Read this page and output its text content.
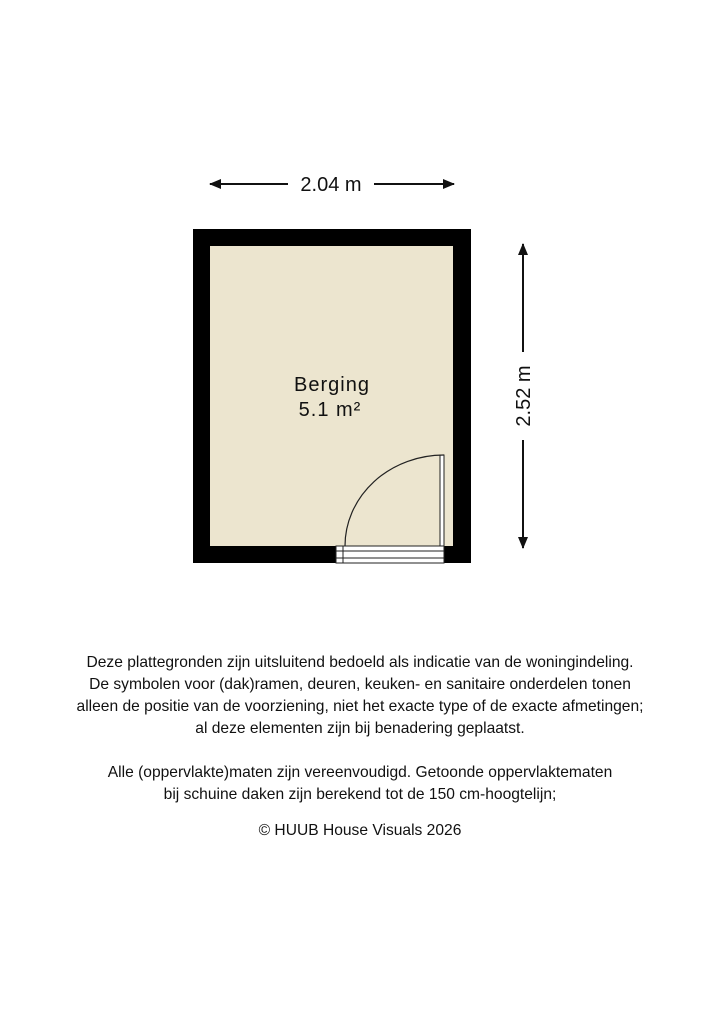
2.04 m
2.52 m
Berging
5.1 m²

Deze plattegronden zijn uitsluitend bedoeld als indicatie van de woningindeling.

De symbolen voor (dak)ramen, deuren, keuken- en sanitaire onderdelen tonen

alleen de positie van de voorziening, niet het exacte type of de exacte afmetingen;

al deze elementen zijn bij benadering geplaatst.

Alle (oppervlakte)maten zijn vereenvoudigd. Getoonde oppervlaktematen

bij schuine daken zijn berekend tot de 150 cm-hoogtelijn;

© HUUB House Visuals 2026
